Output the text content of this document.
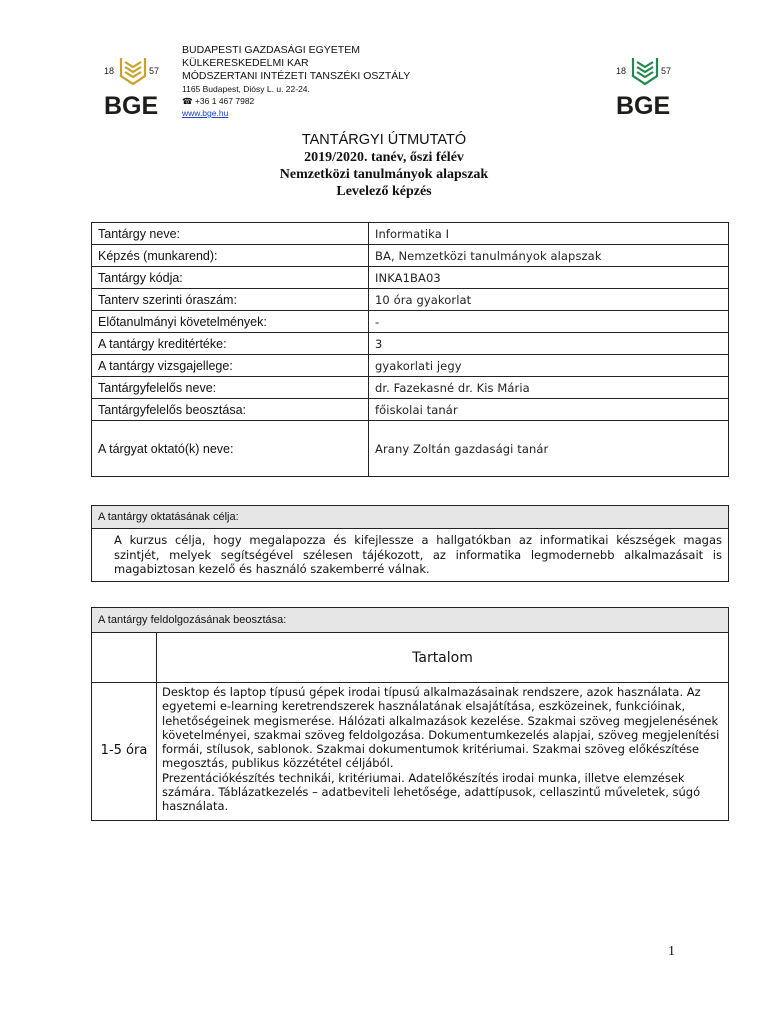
18	57
BGE
18	57
BGE
BUDAPESTI GAZDASÁGI EGYETEM
KÜLKERESKEDELMI KAR
MÓDSZERTANI INTÉZETI TANSZÉKI OSZTÁLY
1165 Budapest, Diósy L. u. 22-24.
☎ +36 1 467 7982
www.bge.hu
TANTÁRGYI ÚTMUTATÓ
2019/2020. tanév, őszi félév
Nemzetközi tanulmányok alapszak
Levelező képzés
Tantárgy neve:	Informatika I
Képzés (munkarend):	BA, Nemzetközi tanulmányok alapszak
Tantárgy kódja:	INKA1BA03
Tanterv szerinti óraszám:	10 óra gyakorlat
Előtanulmányi követelmények:	-
A tantárgy kreditértéke:	3
A tantárgy vizsgajellege:	gyakorlati jegy
Tantárgyfelelős neve:	dr. Fazekasné dr. Kis Mária
Tantárgyfelelős beosztása:	főiskolai tanár
A tárgyat oktató(k) neve:	Arany Zoltán gazdasági tanár
A tantárgy oktatásának célja:
A kurzus célja, hogy megalapozza és kifejlessze a hallgatókban az informatikai készségek magas szintjét, melyek segítségével szélesen tájékozott, az informatika legmodernebb alkalmazásait is magabiztosan kezelő és használó szakemberré válnak.
A tantárgy feldolgozásának beosztása:	
	Tartalom
1-5 óra	Desktop és laptop típusú gépek irodai típusú alkalmazásainak rendszere, azok használata. Az egyetemi e-learning keretrendszerek használatának elsajátítása, eszközeinek, funkcióinak, lehetőségeinek megismerése. Hálózati alkalmazások kezelése. Szakmai szöveg megjelenésének követelményei, szakmai szöveg feldolgozása. Dokumentumkezelés alapjai, szöveg megjelenítési formái, stílusok, sablonok. Szakmai dokumentumok kritériumai. Szakmai szöveg előkészítése megosztás, publikus közzététel céljából.
Prezentációkészítés technikái, kritériumai. Adatelőkészítés irodai munka, illetve elemzések számára. Táblázatkezelés – adatbeviteli lehetősége, adattípusok, cellaszintű műveletek, súgó használata.
1
